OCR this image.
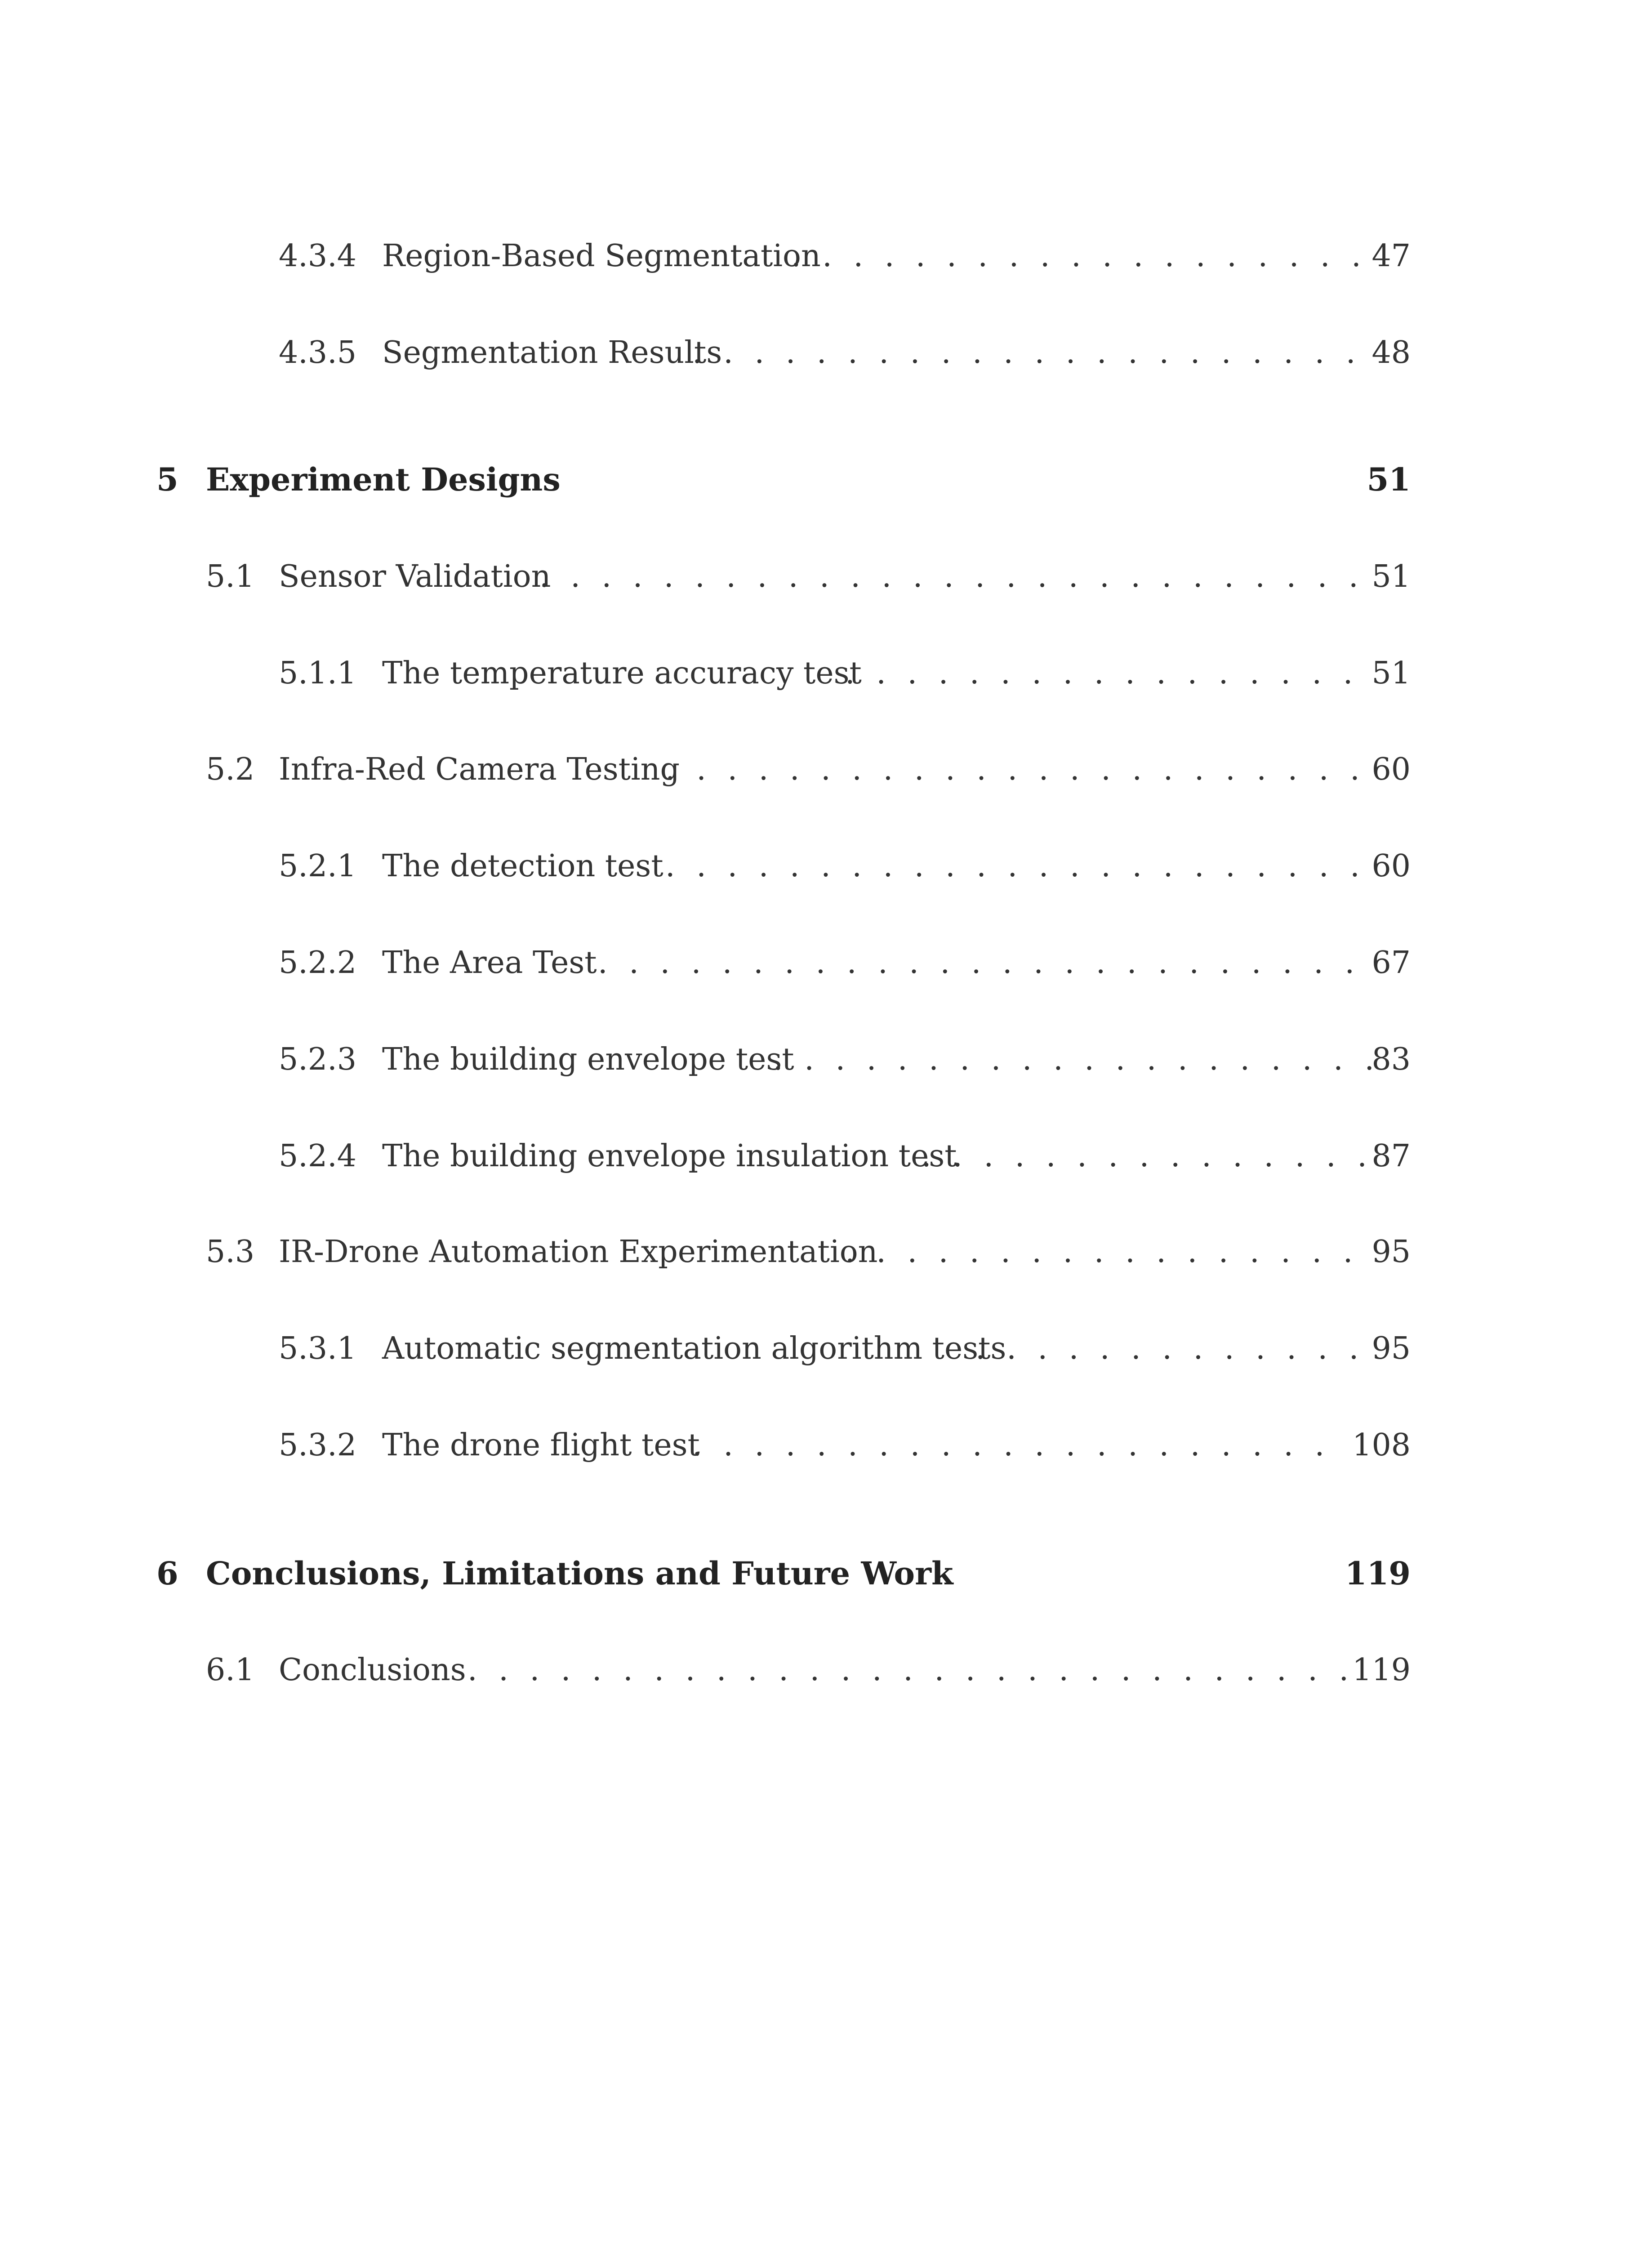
4.3.4 Region-Based Segmentation . . .	47
4.3.5 Segmentation Results . . .	48
5 Experiment Designs	51
5.1 Sensor Validation . . .	51
5.1.1 The temperature accuracy test . . .	51
5.2 Infra-Red Camera Testing . . .	60
5.2.1 The detection test . . .	60
5.2.2 The Area Test . . .	67
5.2.3 The building envelope test . . .	83
5.2.4 The building envelope insulation test . . .	87
5.3 IR-Drone Automation Experimentation . . .	95
5.3.1 Automatic segmentation algorithm tests . . .	95
5.3.2 The drone flight test . . .	108
6 Conclusions, Limitations and Future Work	119
6.1 Conclusions . . .	119
